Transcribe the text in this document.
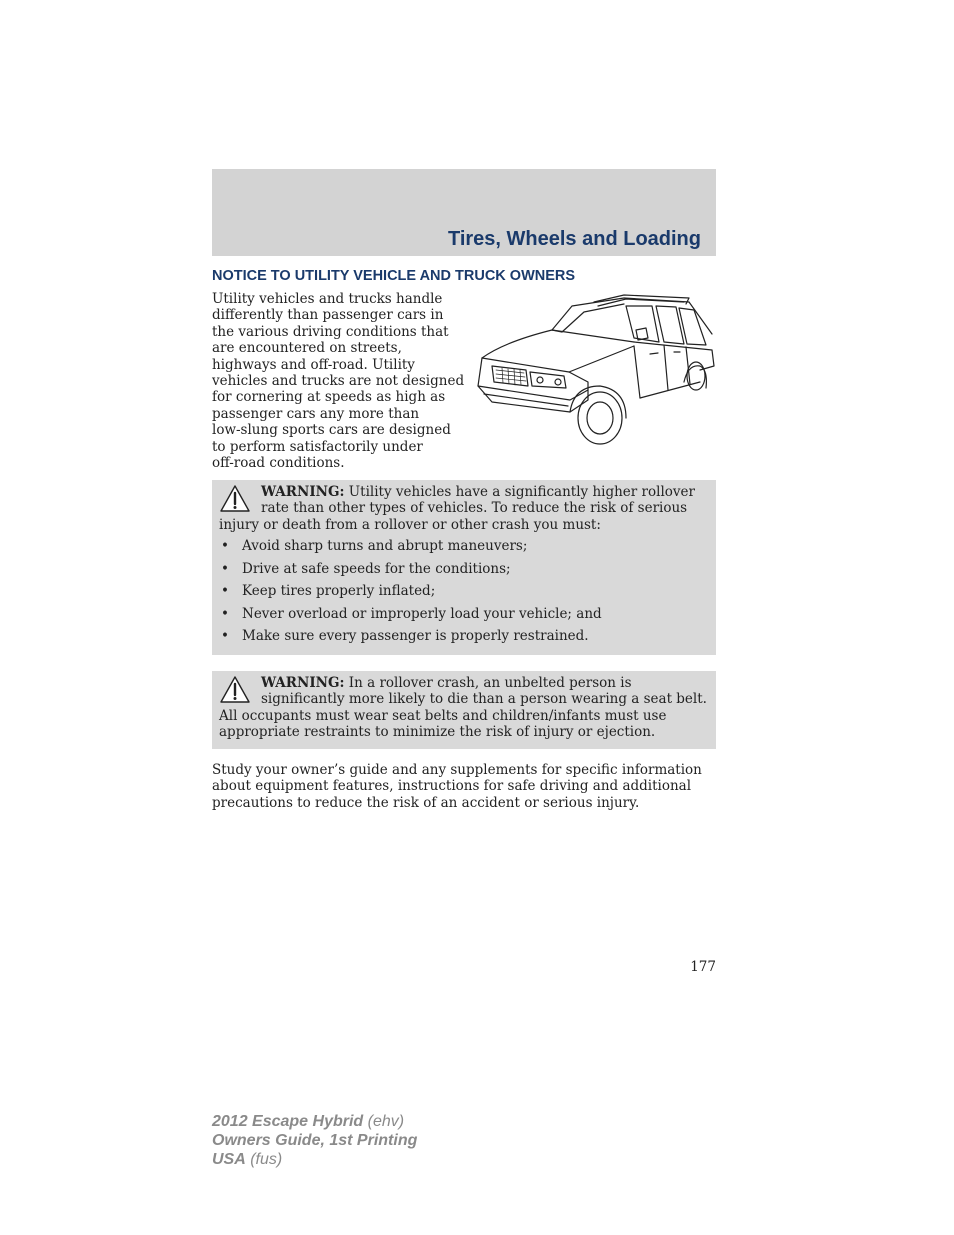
Tires, Wheels and Loading
NOTICE TO UTILITY VEHICLE AND TRUCK OWNERS

Utility vehicles and trucks handle
differently than passenger cars in
the various driving conditions that
are encountered on streets,
highways and off-road. Utility
vehicles and trucks are not designed
for cornering at speeds as high as
passenger cars any more than
low-slung sports cars are designed
to perform satisfactorily under
off-road conditions.

WARNING: Utility vehicles have a significantly higher rollover
rate than other types of vehicles. To reduce the risk of serious
injury or death from a rollover or other crash you must:
• Avoid sharp turns and abrupt maneuvers;
• Drive at safe speeds for the conditions;
• Keep tires properly inflated;
• Never overload or improperly load your vehicle; and
• Make sure every passenger is properly restrained.
WARNING: In a rollover crash, an unbelted person is
significantly more likely to die than a person wearing a seat belt.
All occupants must wear seat belts and children/infants must use
appropriate restraints to minimize the risk of injury or ejection.
Study your owner’s guide and any supplements for specific information
about equipment features, instructions for safe driving and additional
precautions to reduce the risk of an accident or serious injury.
177
2012 Escape Hybrid (ehv)
Owners Guide, 1st Printing
USA (fus)
